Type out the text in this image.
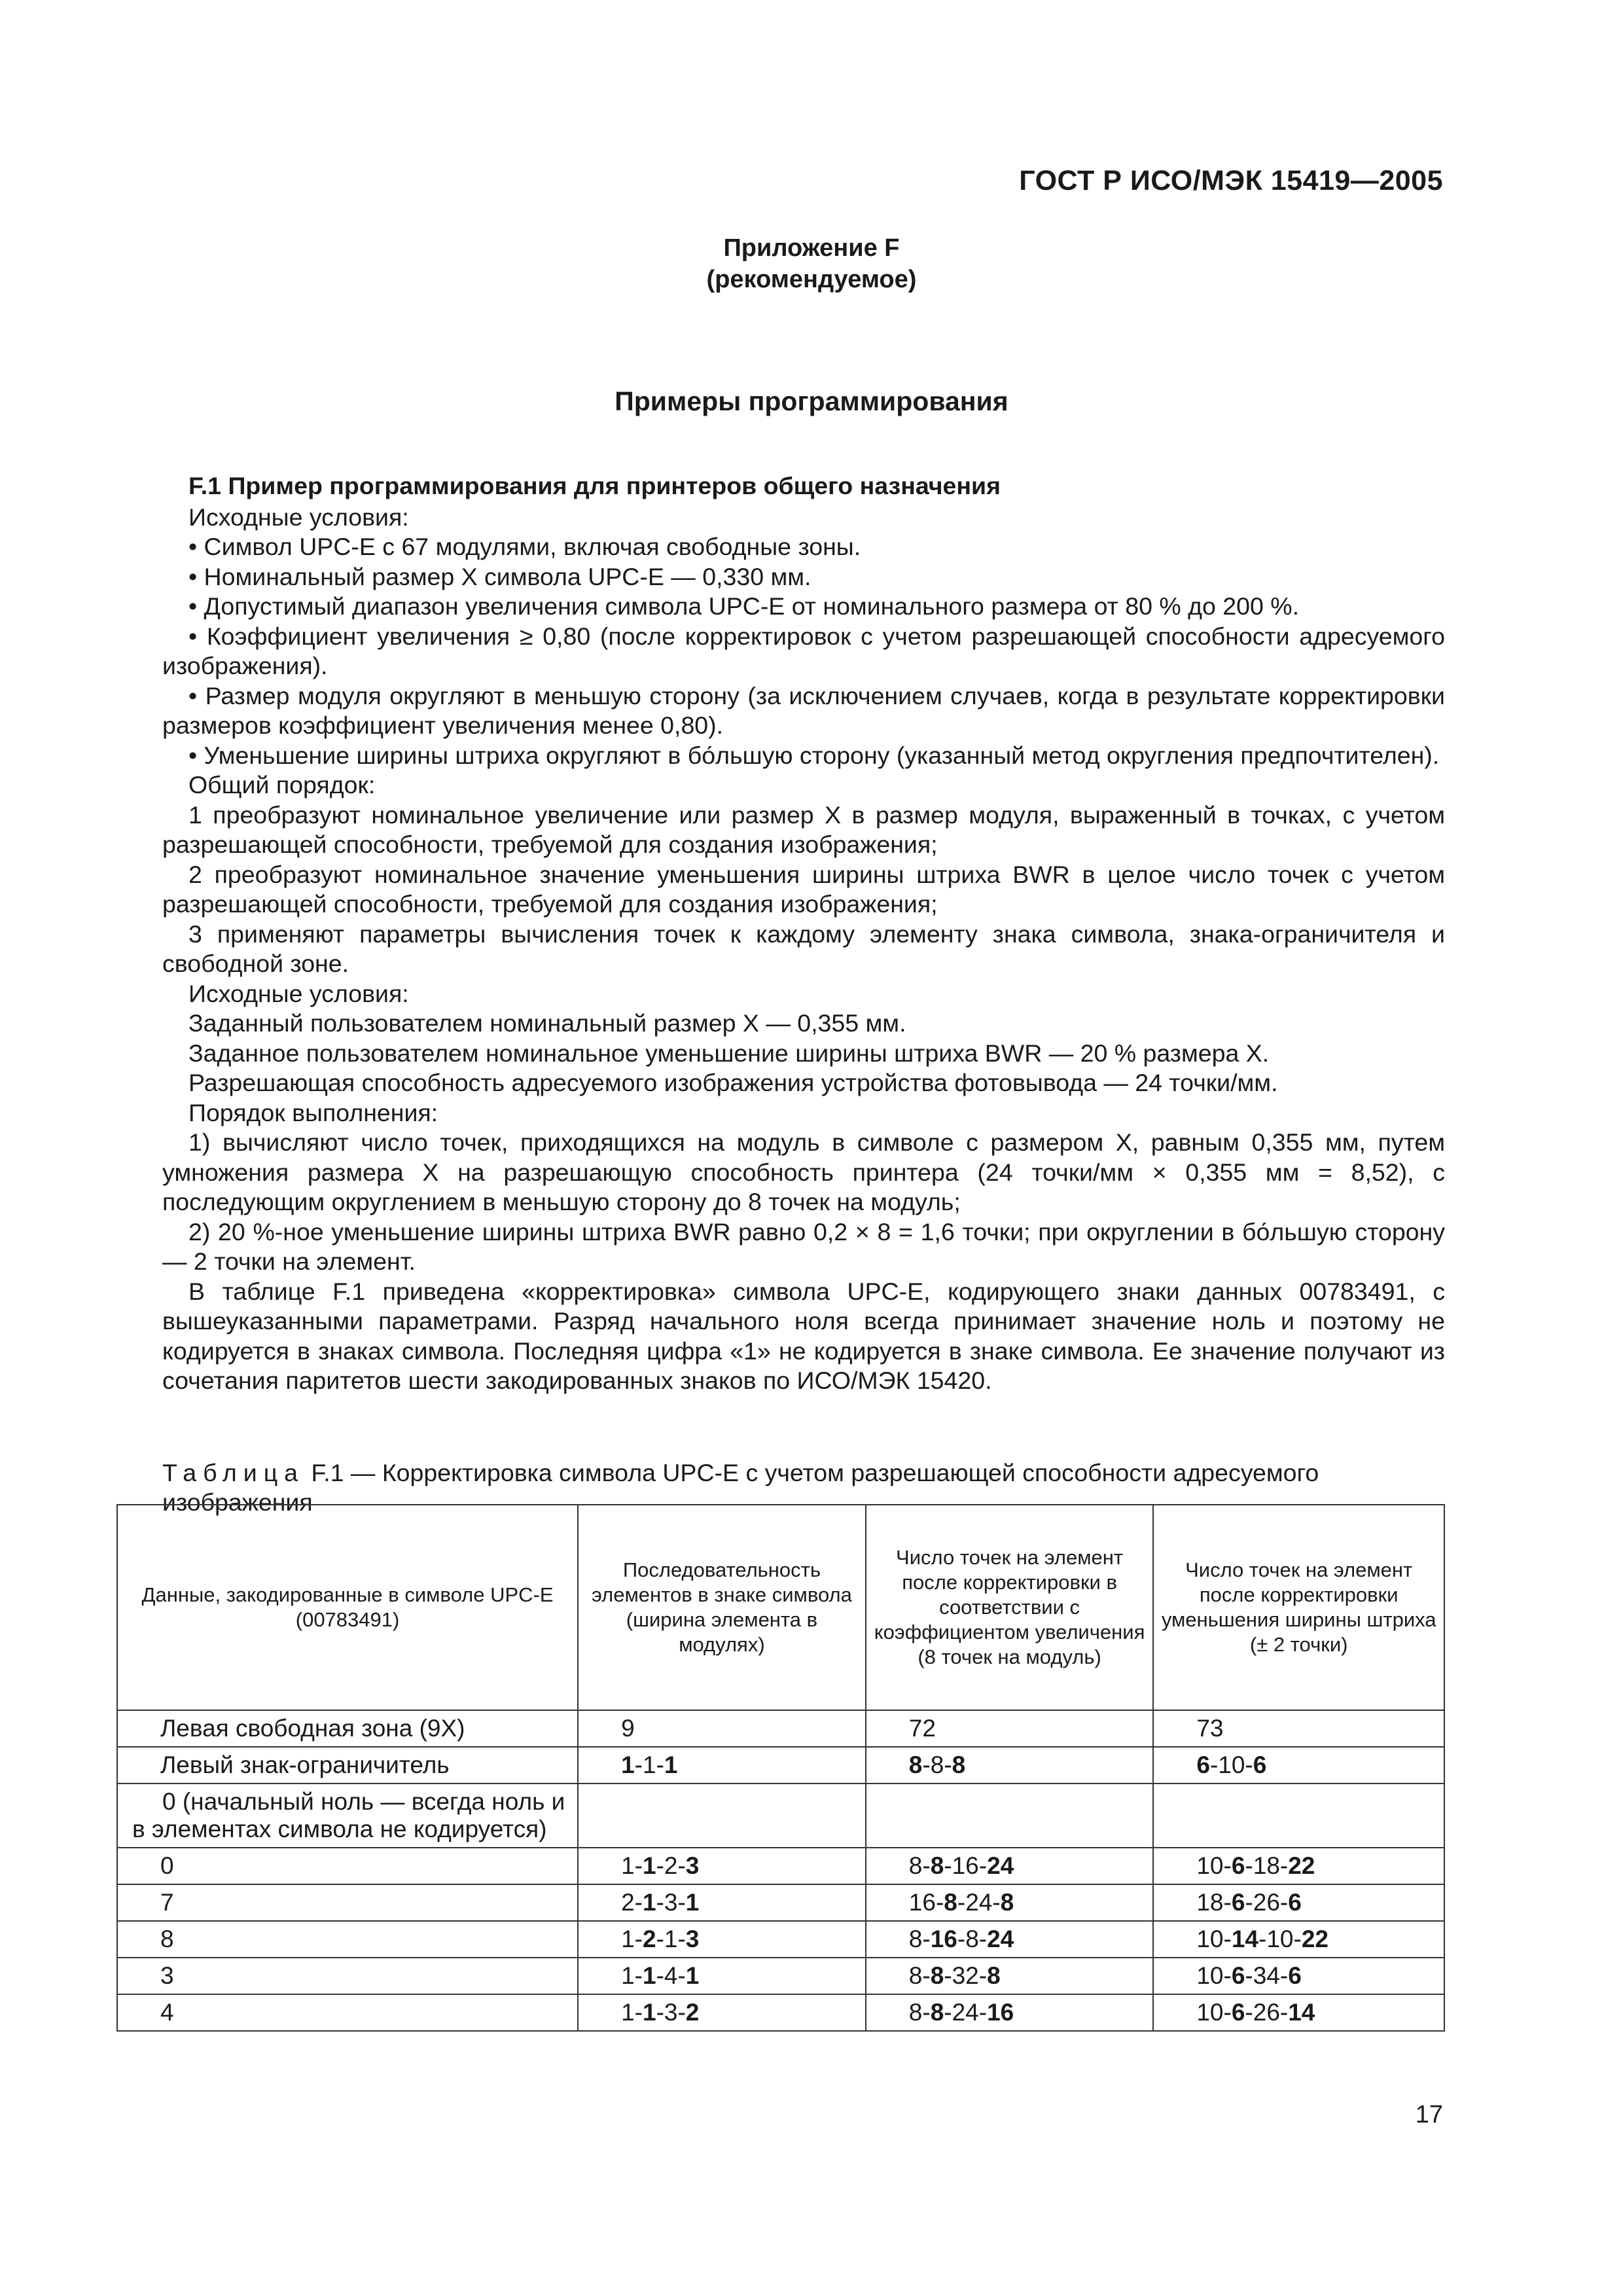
ГОСТ Р ИСО/МЭК 15419—2005
Приложение F
(рекомендуемое)
Примеры программирования

F.1 Пример программирования для принтеров общего назначения

Исходные условия:

• Символ UPC-E с 67 модулями, включая свободные зоны.

• Номинальный размер X символа UPC-E — 0,330 мм.

• Допустимый диапазон увеличения символа UPC-E от номинального размера от 80 % до 200 %.

• Коэффициент увеличения ≥ 0,80 (после корректировок с учетом разрешающей способности адресуемого изображения).

• Размер модуля округляют в меньшую сторону (за исключением случаев, когда в результате корректировки размеров коэффициент увеличения менее 0,80).

• Уменьшение ширины штриха округляют в бо́льшую сторону (указанный метод округления предпочтителен).

Общий порядок:

1 преобразуют номинальное увеличение или размер X в размер модуля, выраженный в точках, с учетом разрешающей способности, требуемой для создания изображения;

2 преобразуют номинальное значение уменьшения ширины штриха BWR в целое число точек с учетом разрешающей способности, требуемой для создания изображения;

3 применяют параметры вычисления точек к каждому элементу знака символа, знака-ограничителя и свободной зоне.

Исходные условия:

Заданный пользователем номинальный размер X — 0,355 мм.

Заданное пользователем номинальное уменьшение ширины штриха BWR — 20 % размера X.

Разрешающая способность адресуемого изображения устройства фотовывода — 24 точки/мм.

Порядок выполнения:

1) вычисляют число точек, приходящихся на модуль в символе с размером X, равным 0,355 мм, путем умножения размера X на разрешающую способность принтера (24 точки/мм × 0,355 мм = 8,52), с последующим округлением в меньшую сторону до 8 точек на модуль;

2) 20 %-ное уменьшение ширины штриха BWR равно 0,2 × 8 = 1,6 точки; при округлении в бо́льшую сторону — 2 точки на элемент.

В таблице F.1 приведена «корректировка» символа UPC-E, кодирующего знаки данных 00783491, с вышеуказанными параметрами. Разряд начального ноля всегда принимает значение ноль и поэтому не кодируется в знаках символа. Последняя цифра «1» не кодируется в знаке символа. Ее значение получают из сочетания паритетов шести закодированных знаков по ИСО/МЭК 15420.

Таблица F.1 — Корректировка символа UPC-E с учетом разрешающей способности адресуемого изображения
Данные, закодированные в символе UPC-E (00783491)	Последовательность элементов в знаке символа (ширина элемента в модулях)	Число точек на элемент после корректировки в соответствии с коэффициентом увеличения (8 точек на модуль)	Число точек на элемент после корректировки уменьшения ширины штриха (± 2 точки)
Левая свободная зона (9X)	9	72	73
Левый знак-ограничитель	1-1-1	8-8-8	6-10-6
0 (начальный ноль — всегда ноль и в элементах символа не кодируется)			
0	1-1-2-3	8-8-16-24	10-6-18-22
7	2-1-3-1	16-8-24-8	18-6-26-6
8	1-2-1-3	8-16-8-24	10-14-10-22
3	1-1-4-1	8-8-32-8	10-6-34-6
4	1-1-3-2	8-8-24-16	10-6-26-14
17
